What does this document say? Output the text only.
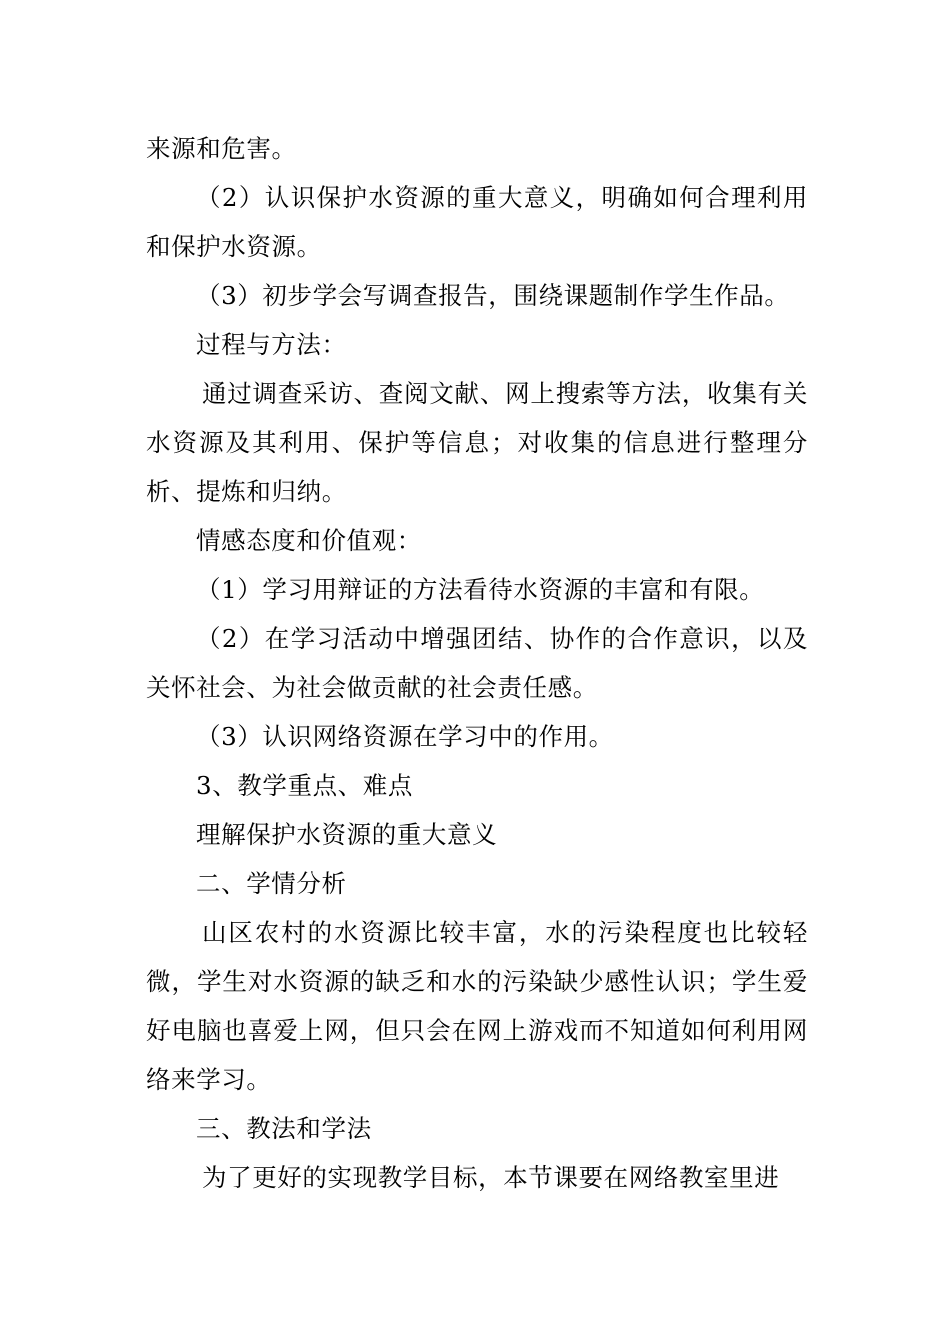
来源和危害。

（2）认识保护水资源的重大意义，明确如何合理利用和保护水资源。

（3）初步学会写调查报告，围绕课题制作学生作品。

过程与方法：

通过调查采访、查阅文献、网上搜索等方法，收集有关水资源及其利用、保护等信息；对收集的信息进行整理分析、提炼和归纳。

情感态度和价值观：

（1）学习用辩证的方法看待水资源的丰富和有限。

（2）在学习活动中增强团结、协作的合作意识，以及关怀社会、为社会做贡献的社会责任感。

（3）认识网络资源在学习中的作用。

3、教学重点、难点

理解保护水资源的重大意义

二、学情分析

山区农村的水资源比较丰富，水的污染程度也比较轻微，学生对水资源的缺乏和水的污染缺少感性认识；学生爱好电脑也喜爱上网，但只会在网上游戏而不知道如何利用网络来学习。

三、教法和学法

为了更好的实现教学目标，本节课要在网络教室里进
